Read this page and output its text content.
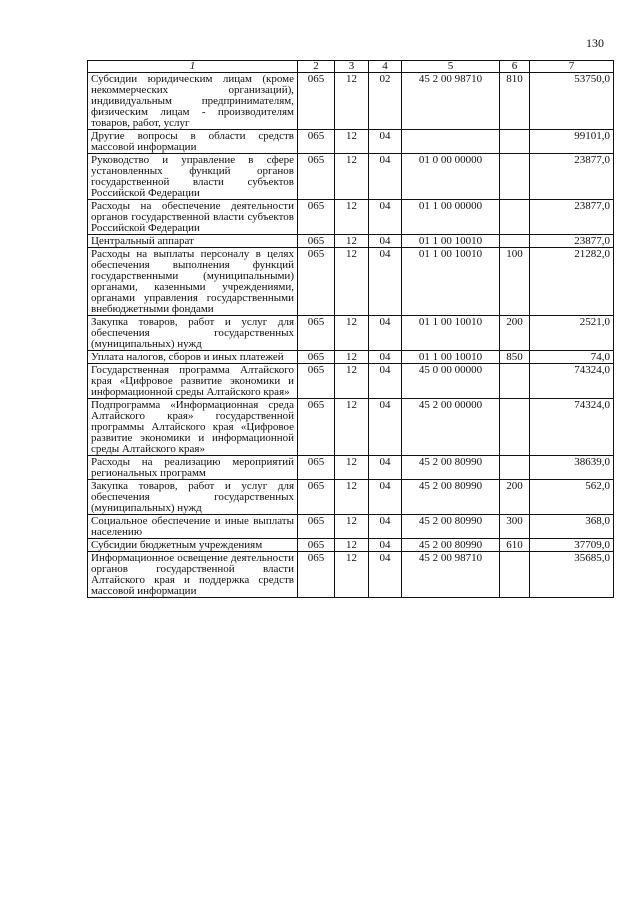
130
1	2	3	4	5	6	7
Субсидии юридическим лицам (кроме некоммерческих организаций), индивидуальным предпринимателям, физическим лицам - производителям товаров, работ, услуг	065	12	02	45 2 00 98710	810	53750,0
Другие вопросы в области средств массовой информации	065	12	04			99101,0
Руководство и управление в сфере установленных функций органов государственной власти субъектов Российской Федерации	065	12	04	01 0 00 00000		23877,0
Расходы на обеспечение деятельности органов государственной власти субъектов Российской Федерации	065	12	04	01 1 00 00000		23877,0
Центральный аппарат	065	12	04	01 1 00 10010		23877,0
Расходы на выплаты персоналу в целях обеспечения выполнения функций государственными (муниципальными) органами, казенными учреждениями, органами управления государственными внебюджетными фондами	065	12	04	01 1 00 10010	100	21282,0
Закупка товаров, работ и услуг для обеспечения государственных (муниципальных) нужд	065	12	04	01 1 00 10010	200	2521,0
Уплата налогов, сборов и иных платежей	065	12	04	01 1 00 10010	850	74,0
Государственная программа Алтайского края «Цифровое развитие экономики и информационной среды Алтайского края»	065	12	04	45 0 00 00000		74324,0
Подпрограмма «Информационная среда Алтайского края» государственной программы Алтайского края «Цифровое развитие экономики и информационной среды Алтайского края»	065	12	04	45 2 00 00000		74324,0
Расходы на реализацию мероприятий региональных программ	065	12	04	45 2 00 80990		38639,0
Закупка товаров, работ и услуг для обеспечения государственных (муниципальных) нужд	065	12	04	45 2 00 80990	200	562,0
Социальное обеспечение и иные выплаты населению	065	12	04	45 2 00 80990	300	368,0
Субсидии бюджетным учреждениям	065	12	04	45 2 00 80990	610	37709,0
Информационное освещение деятельности органов государственной власти Алтайского края и поддержка средств массовой информации	065	12	04	45 2 00 98710		35685,0
